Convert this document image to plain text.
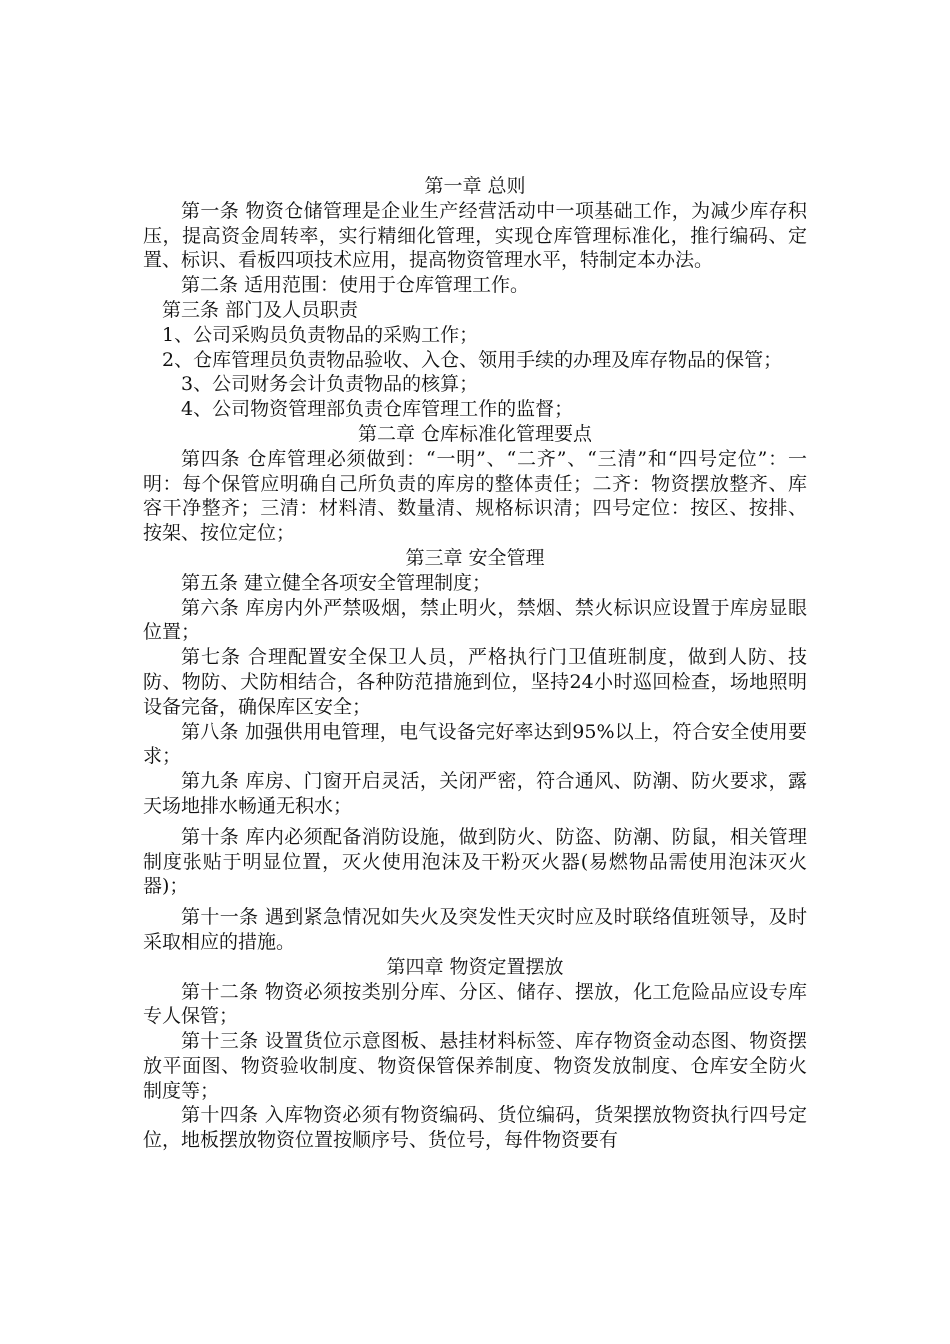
第一章 总则

第一条 物资仓储管理是企业生产经营活动中一项基础工作，为减少库存积压，提高资金周转率，实行精细化管理，实现仓库管理标准化，推行编码、定置、标识、看板四项技术应用，提高物资管理水平，特制定本办法。

第二条 适用范围：使用于仓库管理工作。

第三条 部门及人员职责

1、公司采购员负责物品的采购工作；

2、仓库管理员负责物品验收、入仓、领用手续的办理及库存物品的保管；

3、公司财务会计负责物品的核算；

4、公司物资管理部负责仓库管理工作的监督；

第二章 仓库标准化管理要点

第四条 仓库管理必须做到：“一明”、“二齐”、“三清”和“四号定位”：一明：每个保管应明确自己所负责的库房的整体责任；二齐：物资摆放整齐、库容干净整齐；三清：材料清、数量清、规格标识清；四号定位：按区、按排、按架、按位定位；

第三章 安全管理

第五条 建立健全各项安全管理制度；

第六条 库房内外严禁吸烟，禁止明火，禁烟、禁火标识应设置于库房显眼位置；

第七条 合理配置安全保卫人员，严格执行门卫值班制度，做到人防、技防、物防、犬防相结合，各种防范措施到位，坚持24小时巡回检查，场地照明设备完备，确保库区安全；

第八条 加强供用电管理，电气设备完好率达到95%以上，符合安全使用要求；

第九条 库房、门窗开启灵活，关闭严密，符合通风、防潮、防火要求，露天场地排水畅通无积水；

第十条 库内必须配备消防设施，做到防火、防盗、防潮、防鼠，相关管理制度张贴于明显位置，灭火使用泡沫及干粉灭火器(易燃物品需使用泡沫灭火器)；

第十一条 遇到紧急情况如失火及突发性天灾时应及时联络值班领导，及时采取相应的措施。

第四章 物资定置摆放

第十二条 物资必须按类别分库、分区、储存、摆放，化工危险品应设专库专人保管；

第十三条 设置货位示意图板、悬挂材料标签、库存物资金动态图、物资摆放平面图、物资验收制度、物资保管保养制度、物资发放制度、仓库安全防火制度等；

第十四条 入库物资必须有物资编码、货位编码，货架摆放物资执行四号定位，地板摆放物资位置按顺序号、货位号，每件物资要有
